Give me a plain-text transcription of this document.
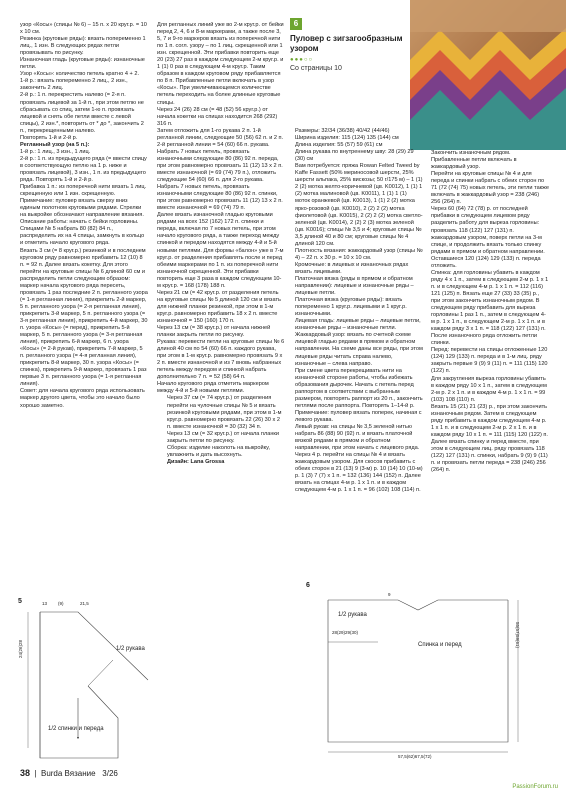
6
Пуловер с зигзагообразным узором
●●●○○
Со страницы 10

узор «Косы» (спицы № 6) – 15 п. х 20 круг.р. = 10 х 10 см.

Резинка (круговые ряды): вязать попеременно 1 лиц., 1 изн. В следующих рядах петли провязывать по рисунку.

Изнаночная гладь (круговые ряды): изнаночные петли.

Узор «Косы»: количество петель кратно 4 + 2.

1-й р.: вязать попеременно 2 лиц., 2 изн., закончить 2 лиц.

2-й р.: 1 п. перекрестить налево (= 2-я п. провязать лицевой за 1-й п., при этом петлю не сбрасывать со спиц, затем 1-ю п. провязать лицевой и снять обе петли вместе с левой спицы), 2 изн.*, повторить от * до *, закончить 2 п., перекрещенными налево.

Повторять 1-й и 2-й р.

Регланный узор (на 5 п.):

1-й р.: 1 лиц., 3 изн., 1 лиц.

2-й р.: 1 п. из предыдущего ряда (= ввести спицу в соответствующую петлю на 1 р. ниже и провязать лицевой), 3 изн., 1 п. из предыдущего ряда. Повторять 1-й и 2-й р.

Прибавка 1 п.: из поперечной нити вязать 1 лиц. скрещенную или 1 изн. скрещенную.

Примечание: пуловер вязать сверху вниз единым полотном круговыми рядами. Стрелки на выкройке обозначают направление вязания.

Описание работы: начать с бейки горловины. Спицами № 5 набрать 80 (82) 84 п., распределить их на 4 спицы, замкнуть в кольцо и отметить начало кругового ряда.

Вязать 3 см (= 8 круг.р.) резинкой и в последнем круговом ряду равномерно прибавить 12 (10) 8 п. = 92 п. Далее вязать кокетку. Для этого перейти на круговые спицы № 6 длиной 60 см и распределить петли следующим образом: маркер начала кругового ряда пересеть, провязать 1 раз последние 2 п. регланного узора (= 1-я регланная линия), прикрепить 2-й маркер, 5 п. регланного узора (= 2-я регланная линия), прикрепить 3-й маркер, 5 п. регланного узора (= 3-я регланная линия), прикрепить 4-й маркер, 30 п. узора «Косы» (= перед), прикрепить 5-й маркер, 5 п. регланного узора (= 3-я регланная линия), прикрепить 6-й маркер, 6 п. узора «Косы» (= 2-й рукав), прикрепить 7-й маркер, 5 п. регланного узора (= 4-я регланная линия), прикрепить 8-й маркер, 30 п. узора «Косы» (= спинка), прикрепить 9-й маркер, провязать 1 раз первые 3 п. регланного узора (= 1-я регланная линия).

Совет: для начала кругового ряда использовать маркер другого цвета, чтобы это начало было хорошо заметно.

Для регланных линий уже во 2-м круг.р. от бейки перед 2, 4, 6 и 8-м маркерами, а также после 3, 5, 7 и 9-го маркеров вязать из поперечной нити по 1 п. согл. узору – по 1 лиц. скрещенной или 1 изн. скрещенной. Эти прибавки повторить еще 20 (23) 27 раз в каждом следующем 2-м круг.р. и 1 (1) 0 раз в следующем 4-м круг.р. Таким образом в каждом круговом ряду прибавляется по 8 п. Прибавленные петли включать в узор «Косы». При увеличивающемся количестве петель переходить на более длинные круговые спицы.

Через 24 (26) 28 см (= 48 (52) 56 круг.р.) от начала кокетки на спицах находится 268 (292) 316 п.

Затем отложить для 1-го рукава 2 п. 1-й регланной линии, следующие 50 (56) 62 п. и 2 п. 2-й регланной линии = 54 (60) 66 п. рукава. Набрать 7 новых петель, провязать изнаночными следующие 80 (86) 92 п. переда, при этом равномерно провязать 11 (12) 13 х 2 п. вместе изнаночной (= 69 (74) 79 п.), отложить следующие 54 (60) 66 п. для 2-го рукава.

Набрать 7 новых петель, провязать изнаночными следующие 80 (86) 92 п. спинки, при этом равномерно провязать 11 (12) 13 х 2 п. вместе изнаночной = 69 (74) 79 п.

Далее вязать изнаночной гладью круговыми рядами на всех 152 (162) 172 п. спинки и переда, включая по 7 новых петель, при этом начало кругового ряда, а также переход между спинкой и передом находятся между 4-й и 5-й новыми петлями. Для формы «балон» уже в 7-м круг.р. от разделения прибавлять после и перед обеими маркерами по 1 п. из поперечной нити изнаночной скрещенной. Эти прибавки повторить еще 3 раза в каждом следующем 10-м круг.р. = 168 (178) 188 п.

Через 21 см (= 42 круг.р. от разделения петель на круговые спицы № 5 длиной 120 см и вязать для нижней планки резинкой, при этом в 1-м круг.р. равномерно прибавить 18 х 2 п. вместе изнаночной = 150 (160) 170 п.

Через 13 см (= 38 круг.р.) от начала нижней планки закрыть петли по рисунку.

Рукава: перевести петли на круговые спицы № 6 длиной 40 см по 54 (60) 66 п. каждого рукава, при этом в 1-м круг.р. равномерно провязать 9 х 2 п. вместе изнаночной и из 7 вновь набранных петель между передом и спинкой набрать дополнительно 7 п. = 52 (58) 64 п.

Начало кругового ряда отметить маркером между 4-й и 5-й новыми петлями.

Через 37 см (= 74 круг.р.) от разделения перейти на чулочные спицы № 5 и вязать резинкой круговыми рядами, при этом в 1-м круг.р. равномерно провязать 22 (26) 30 х 2 п. вместе изнаночной = 30 (32) 34 п.

Через 13 см (= 32 круг.р.) от начала планки закрыть петли по рисунку.

Сборка: изделие наколоть на выкройку, увлажнить и дать высохнуть.

Дизайн: Lana Grossa

Размеры: 32/34 (36/38) 40/42 (44/46)

Ширина изделия: 115 (124) 135 (144) см

Длина изделия: 55 (57) 59 (61) см

Длина рукава по внутреннему шву: 28 (29) 29 (30) см

Вам потребуется: пряжа Rowan Felted Tweed by Kaffe Fassett (50% мериносовой шерсти, 25% шерсти альпака, 25% вискозы; 50 г/175 м) – 1 (1) 2 (2) мотка желто-коричневой (цв. K0012), 1 (1) 1 (2) мотка малиновой (цв. K0011), 1 (1) 1 (1) моток оранжевой (цв. K0013), 1 (1) 2 (2) мотка ярко-розовой (цв. K0010), 2 (2) 2 (2) мотка фиолетовой (цв. K0015), 2 (2) 2 (2) мотка светло-зеленой (цв. K0014), 2 (2) 2 (3) мотка зеленой (цв. K0016); спицы № 3,5 и 4; круговые спицы № 3,5 длиной 40 и 80 см; круговые спицы № 4 длиной 120 см.

Плотность вязания: жаккардовый узор (спицы № 4) – 22 п. х 30 р. = 10 х 10 см.

Кромочные: в лицевых и изнаночных рядах вязать лицевыми.

Платочная вязка (ряды в прямом и обратном направлении): лицевые и изнаночные ряды – лицевые петли.

Платочная вязка (круговые ряды): вязать попеременно 1 круг.р. лицевыми и 1 круг.р. изнаночными.

Лицевая гладь: лицевые ряды – лицевые петли, изнаночные ряды – изнаночные петли.

Жаккардовый узор: вязать по счетной схеме лицевой гладью рядами в прямом и обратном направлении. На схеме даны все ряды, при этом лицевые ряды читать справа налево, изнаночные – слева направо.

При смене цвета перекрещивать нити на изнаночной стороне работы, чтобы избежать образования дырочек. Начать с петель перед раппортом в соответствии с выбранным размером, повторять раппорт из 20 п., закончить петлями после раппорта. Повторять 1–14-й р.

Примечание: пуловер вязать поперек, начиная с левого рукава.

Левый рукав: на спицы № 3,5 зеленой нитью набрать 86 (88) 90 (92) п. и вязать платочной вязкой рядами в прямом и обратном направлении, при этом начать с лицевого ряда.

Через 4 р. перейти на спицы № 4 и вязать жаккардовым узором. Для скосов прибавить с обеих сторон в 21 (13) 9 (3-м) р. 10 (14) 10 (10-м) р. 1 (3) 7 (7) х 1 п. = 132 (136) 144 (152) п. Далее вязать на спицах 4-м р. 1 х 1 п. и в каждом следующем 4-м р. 1 х 1 п. = 96 (102) 108 (114) п.

Закончить изнаночным рядом. Прибавленные петли включать в жаккардовый узор.

Перейти на круговые спицы № 4 и для переда и спинки набрать с обеих сторон по 71 (72 (74) 75) новых петель, эти петли также включать в жаккардовый узор = 238 (246) 256 (264) п.

Через 60 (64) 72 (78) р. от последней прибавки в следующем лицевом ряду разделить работу для выреза горловины: провязать 118 (122) 127 (131) п. жаккардовым узором, поверх петли на 3-м спице, и продолжить вязать только спинку рядами в прямом и обратном направлении.

Оставшиеся 120 (124) 129 (133) п. переда отложить.

Спинка: для горловины убавить в каждом ряду 4 х 1 п., затем в следующем 2-м р. 1 х 1 п. и в следующем 4-м р. 1 х 1 п. = 112 (116) 121 (125) п. Вязать еще 27 (33) 33 (35) р., при этом закончить изнаночным рядом. В следующем ряду прибавить для выреза горловины 1 раз 1 п., затем в следующем 4-м р. 1 х 1 п., в следующем 2-м р. 1 х 1 п. и в каждом ряду 3 х 1 п. = 118 (122) 127 (131) п. После изнаночного ряда отложить петли спинки.

Перед: перевести на спицы отложенные 120 (124) 129 (133) п. переда и в 1-м лиц. ряду закрыть первые 9 (9) 9 (11) п. = 111 (115) 120 (122) п.

Для закругления выреза горловины убавить в каждом ряду 10 х 1 п., затем в следующем 2-м р. 2 х 1 п. и в каждом 4-м р. 1 х 1 п. = 99 (103) 108 (110) п.

Вязать 15 (21) 21 (23) р., при этом закончить изнаночным рядом. Затем в следующем ряду прибавить в каждом следующем 4-м р. 1 х 1 п. и в следующем 2-м р. 2 х 1 п. и в каждом ряду 10 х 1 п. = 111 (115) 120 (122) п.

Далее вязать спинку и перед вместе, при этом в следующем лиц. ряду провязать 118 (122) 127 (131) п. спинки, набрать 9 (9) 9 (11) п. и провязать петли переда = 238 (246) 256 (264) п.

5
1/2 рукава
1/2 спинки и переда
13 (9)	21,5
24(26)28
6
1/2 рукава
Спинка и перед
28(29)29(30)
9
55(57)59(61)
57,5(62)67,5(72)
38  |  Burda Вязание 3/26
PassionForum.ru
